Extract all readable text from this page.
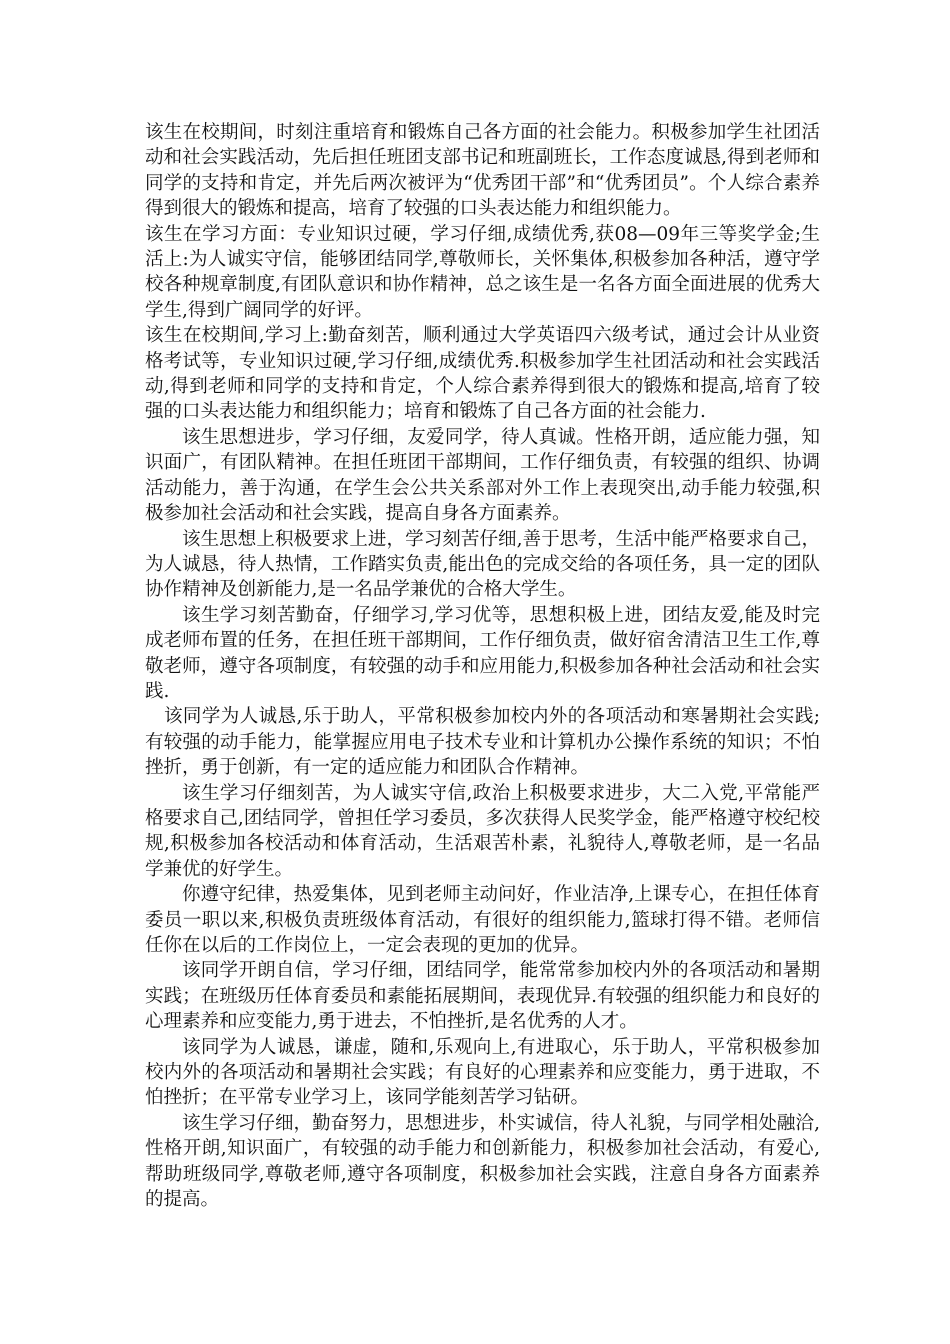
该生在校期间，时刻注重培育和锻炼自己各方面的社会能力。积极参加学生社团活动和社会实践活动，先后担任班团支部书记和班副班长，工作态度诚恳,得到老师和同学的支持和肯定，并先后两次被评为“优秀团干部”和“优秀团员”。个人综合素养得到很大的锻炼和提高，培育了较强的口头表达能力和组织能力。

该生在学习方面：专业知识过硬，学习仔细,成绩优秀,获08—09年三等奖学金;生活上:为人诚实守信，能够团结同学,尊敬师长，关怀集体,积极参加各种活，遵守学校各种规章制度,有团队意识和协作精神，总之该生是一名各方面全面进展的优秀大学生,得到广阔同学的好评。

该生在校期间,学习上:勤奋刻苦，顺利通过大学英语四六级考试，通过会计从业资格考试等，专业知识过硬,学习仔细,成绩优秀.积极参加学生社团活动和社会实践活动,得到老师和同学的支持和肯定，个人综合素养得到很大的锻炼和提高,培育了较强的口头表达能力和组织能力；培育和锻炼了自己各方面的社会能力.

该生思想进步，学习仔细，友爱同学，待人真诚。性格开朗，适应能力强，知识面广，有团队精神。在担任班团干部期间，工作仔细负责，有较强的组织、协调活动能力，善于沟通，在学生会公共关系部对外工作上表现突出,动手能力较强,积极参加社会活动和社会实践，提高自身各方面素养。

该生思想上积极要求上进，学习刻苦仔细,善于思考，生活中能严格要求自己，为人诚恳，待人热情，工作踏实负责,能出色的完成交给的各项任务，具一定的团队协作精神及创新能力,是一名品学兼优的合格大学生。

该生学习刻苦勤奋，仔细学习,学习优等，思想积极上进，团结友爱,能及时完成老师布置的任务，在担任班干部期间，工作仔细负责，做好宿舍清洁卫生工作,尊敬老师，遵守各项制度，有较强的动手和应用能力,积极参加各种社会活动和社会实践.

该同学为人诚恳,乐于助人，平常积极参加校内外的各项活动和寒暑期社会实践;有较强的动手能力，能掌握应用电子技术专业和计算机办公操作系统的知识；不怕挫折，勇于创新，有一定的适应能力和团队合作精神。

该生学习仔细刻苦，为人诚实守信,政治上积极要求进步，大二入党,平常能严格要求自己,团结同学，曾担任学习委员，多次获得人民奖学金，能严格遵守校纪校规,积极参加各校活动和体育活动，生活艰苦朴素，礼貌待人,尊敬老师，是一名品学兼优的好学生。

你遵守纪律，热爱集体，见到老师主动问好，作业洁净,上课专心，在担任体育委员一职以来,积极负责班级体育活动，有很好的组织能力,篮球打得不错。老师信任你在以后的工作岗位上，一定会表现的更加的优异。

该同学开朗自信，学习仔细，团结同学，能常常参加校内外的各项活动和暑期实践；在班级历任体育委员和素能拓展期间，表现优异.有较强的组织能力和良好的心理素养和应变能力,勇于进去，不怕挫折,是名优秀的人才。

该同学为人诚恳，谦虚，随和,乐观向上,有进取心，乐于助人，平常积极参加校内外的各项活动和暑期社会实践；有良好的心理素养和应变能力，勇于进取，不怕挫折；在平常专业学习上，该同学能刻苦学习钻研。

该生学习仔细，勤奋努力，思想进步，朴实诚信，待人礼貌，与同学相处融洽,性格开朗,知识面广，有较强的动手能力和创新能力，积极参加社会活动，有爱心,帮助班级同学,尊敬老师,遵守各项制度，积极参加社会实践，注意自身各方面素养的提高。
